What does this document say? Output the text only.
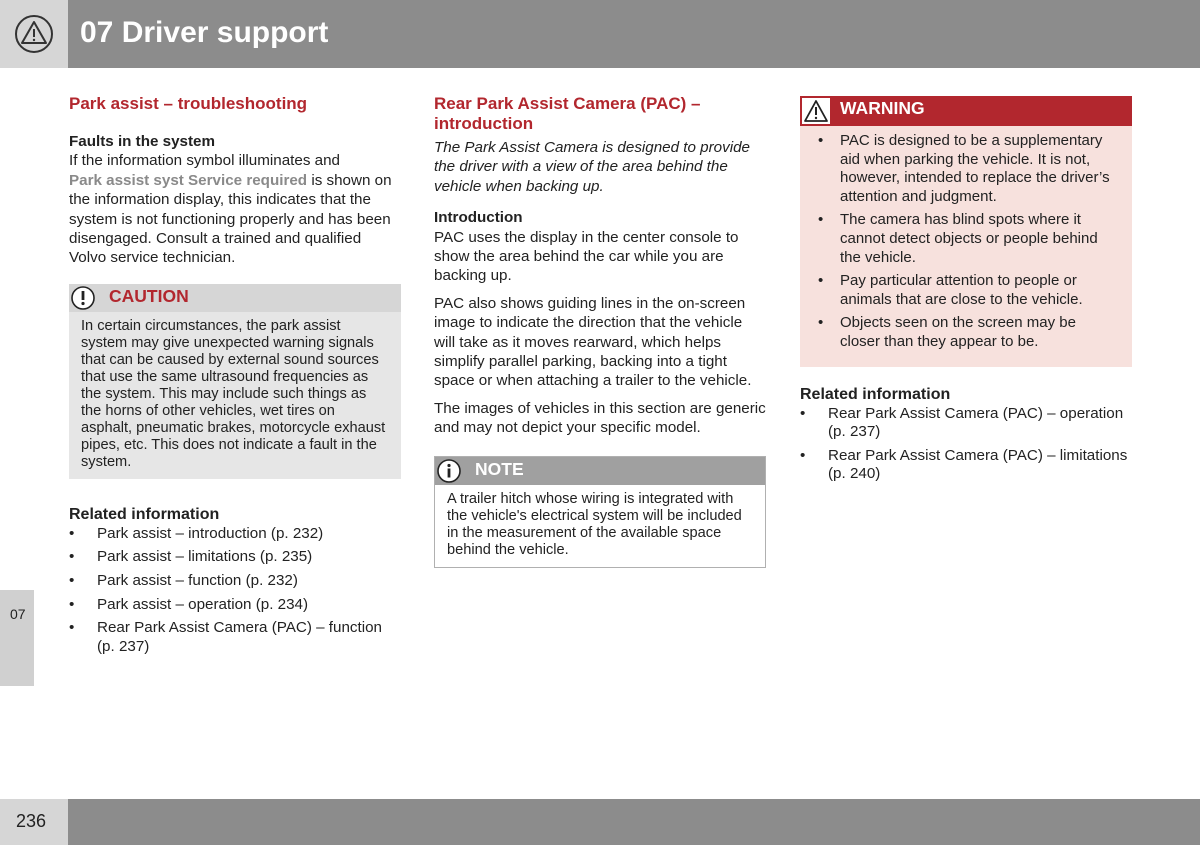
07 Driver support
07
Park assist – troubleshooting
Faults in the system

If the information symbol illuminates and
Park assist syst Service required is shown on the information display, this indicates that the system is not functioning properly and has been disengaged. Consult a trained and qualified Volvo service technician.

CAUTION
In certain circumstances, the park assist system may give unexpected warning signals that can be caused by external sound sources that use the same ultrasound frequencies as the system. This may include such things as the horns of other vehicles, wet tires on asphalt, pneumatic brakes, motorcycle exhaust pipes, etc. This does not indicate a fault in the system.
Related information
• Park assist – introduction (p. 232)
• Park assist – limitations (p. 235)
• Park assist – function (p. 232)
• Park assist – operation (p. 234)
• Rear Park Assist Camera (PAC) – function (p. 237)
Rear Park Assist Camera (PAC) – introduction

The Park Assist Camera is designed to provide the driver with a view of the area behind the vehicle when backing up.

Introduction

PAC uses the display in the center console to show the area behind the car while you are backing up.

PAC also shows guiding lines in the on-screen image to indicate the direction that the vehicle will take as it moves rearward, which helps simplify parallel parking, backing into a tight space or when attaching a trailer to the vehicle.

The images of vehicles in this section are generic and may not depict your specific model.

NOTE
A trailer hitch whose wiring is integrated with the vehicle's electrical system will be included in the measurement of the available space behind the vehicle.
WARNING
• PAC is designed to be a supplementary aid when parking the vehicle. It is not, however, intended to replace the driver’s attention and judgment.
• The camera has blind spots where it cannot detect objects or people behind the vehicle.
• Pay particular attention to people or animals that are close to the vehicle.
• Objects seen on the screen may be closer than they appear to be.
Related information
• Rear Park Assist Camera (PAC) – operation (p. 237)
• Rear Park Assist Camera (PAC) – limitations (p. 240)
236
